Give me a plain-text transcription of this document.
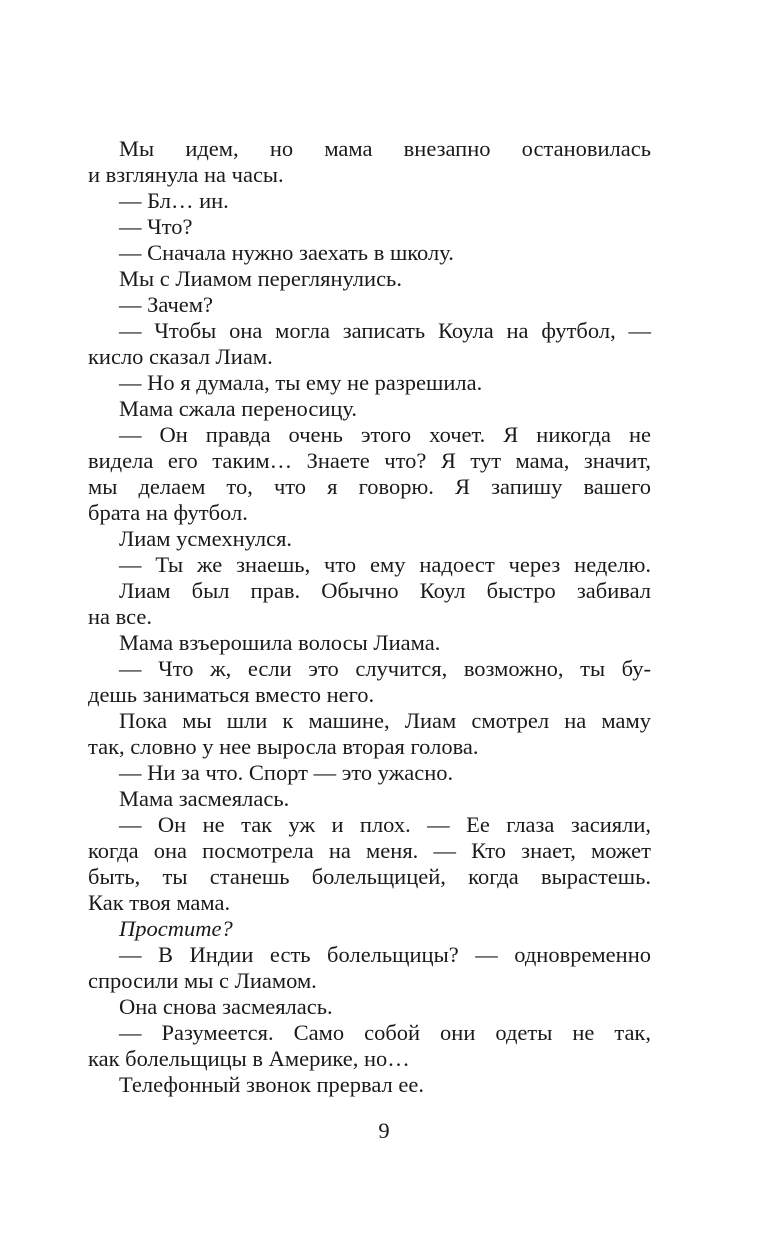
Мы идем, но мама внезапно остановилась
и взглянула на часы.
— Бл… ин.
— Что?
— Сначала нужно заехать в школу.
Мы с Лиамом переглянулись.
— Зачем?
— Чтобы она могла записать Коула на футбол, —
кисло сказал Лиам.
— Но я думала, ты ему не разрешила.
Мама сжала переносицу.
— Он правда очень этого хочет. Я никогда не
видела его таким… Знаете что? Я тут мама, значит,
мы делаем то, что я говорю. Я запишу вашего
брата на футбол.
Лиам усмехнулся.
— Ты же знаешь, что ему надоест через неделю.
Лиам был прав. Обычно Коул быстро забивал
на все.
Мама взъерошила волосы Лиама.
— Что ж, если это случится, возможно, ты бу-
дешь заниматься вместо него.
Пока мы шли к машине, Лиам смотрел на маму
так, словно у нее выросла вторая голова.
— Ни за что. Спорт — это ужасно.
Мама засмеялась.
— Он не так уж и плох. — Ее глаза засияли,
когда она посмотрела на меня. — Кто знает, может
быть, ты станешь болельщицей, когда вырастешь.
Как твоя мама.
Простите?
— В Индии есть болельщицы? — одновременно
спросили мы с Лиамом.
Она снова засмеялась.
— Разумеется. Само собой они одеты не так,
как болельщицы в Америке, но…
Телефонный звонок прервал ее.
9
